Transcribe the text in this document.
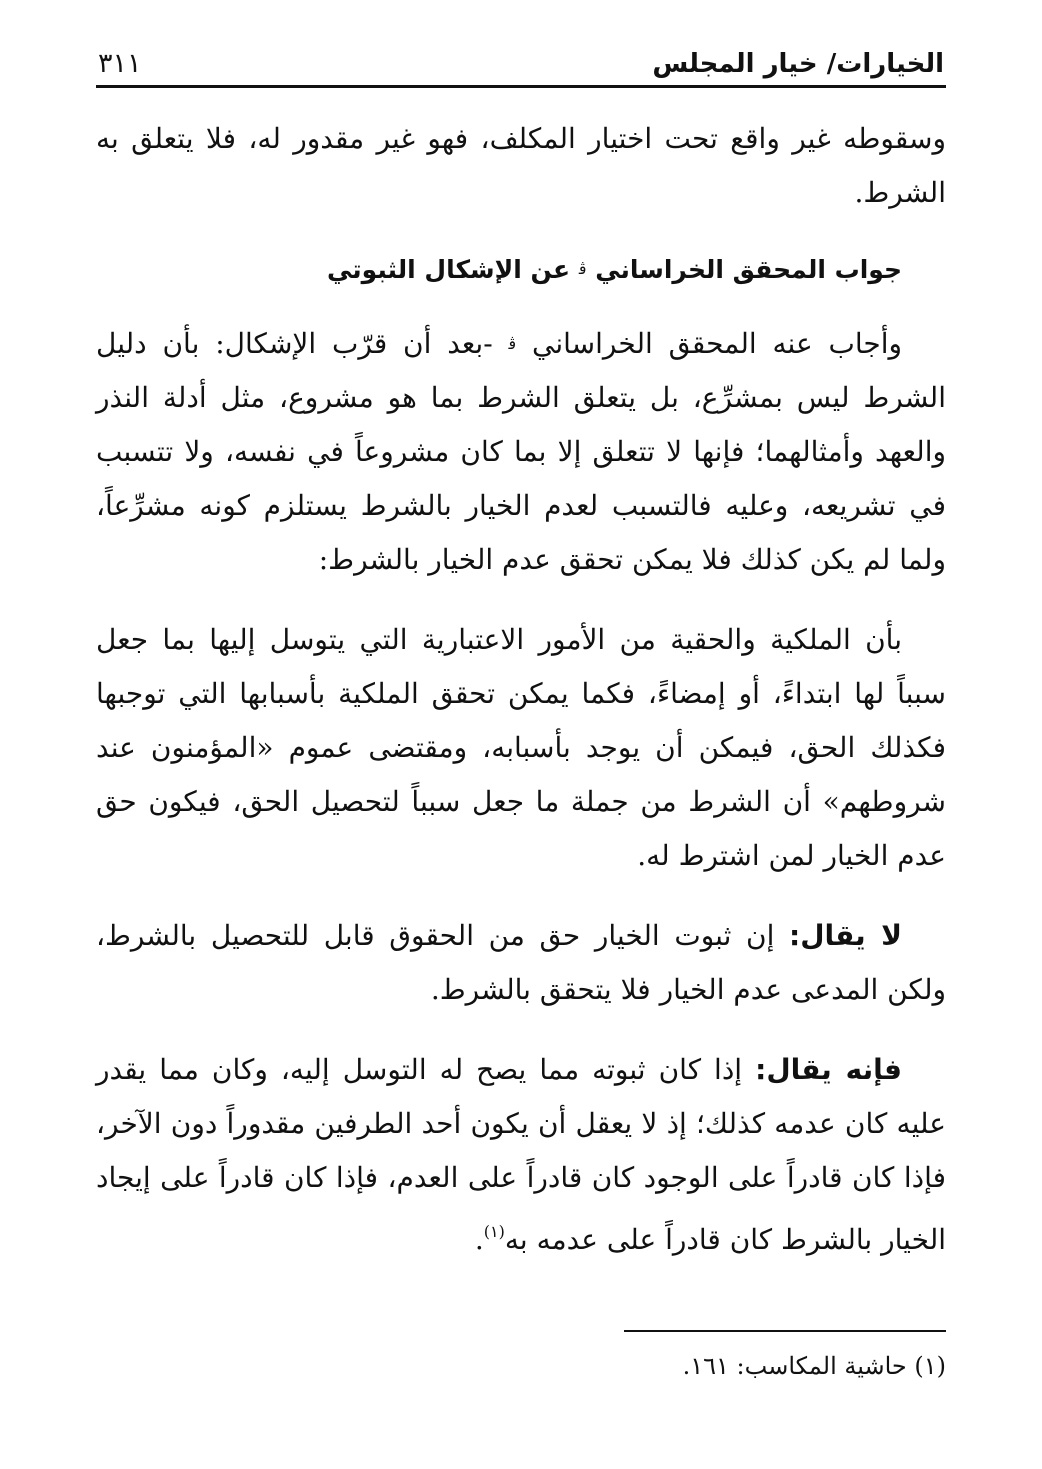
الخيارات/ خيار المجلس
٣١١

وسقوطه غير واقع تحت اختيار المكلف، فهو غير مقدور له، فلا يتعلق به الشرط.

جواب المحقق الخراساني ﭬ عن الإشكال الثبوتي

وأجاب عنه المحقق الخراساني ﭬ -بعد أن قرّب الإشكال: بأن دليل الشرط ليس بمشرِّع، بل يتعلق الشرط بما هو مشروع، مثل أدلة النذر والعهد وأمثالهما؛ فإنها لا تتعلق إلا بما كان مشروعاً في نفسه، ولا تتسبب في تشريعه، وعليه فالتسبب لعدم الخيار بالشرط يستلزم كونه مشرِّعاً، ولما لم يكن كذلك فلا يمكن تحقق عدم الخيار بالشرط:

بأن الملكية والحقية من الأمور الاعتبارية التي يتوسل إليها بما جعل سبباً لها ابتداءً، أو إمضاءً، فكما يمكن تحقق الملكية بأسبابها التي توجبها فكذلك الحق، فيمكن أن يوجد بأسبابه، ومقتضى عموم «المؤمنون عند شروطهم» أن الشرط من جملة ما جعل سبباً لتحصيل الحق، فيكون حق عدم الخيار لمن اشترط له.

لا يقال: إن ثبوت الخيار حق من الحقوق قابل للتحصيل بالشرط، ولكن المدعى عدم الخيار فلا يتحقق بالشرط.

فإنه يقال: إذا كان ثبوته مما يصح له التوسل إليه، وكان مما يقدر عليه كان عدمه كذلك؛ إذ لا يعقل أن يكون أحد الطرفين مقدوراً دون الآخر، فإذا كان قادراً على الوجود كان قادراً على العدم، فإذا كان قادراً على إيجاد الخيار بالشرط كان قادراً على عدمه به$^{(١)}$.

(١) حاشية المكاسب: ١٦١.
